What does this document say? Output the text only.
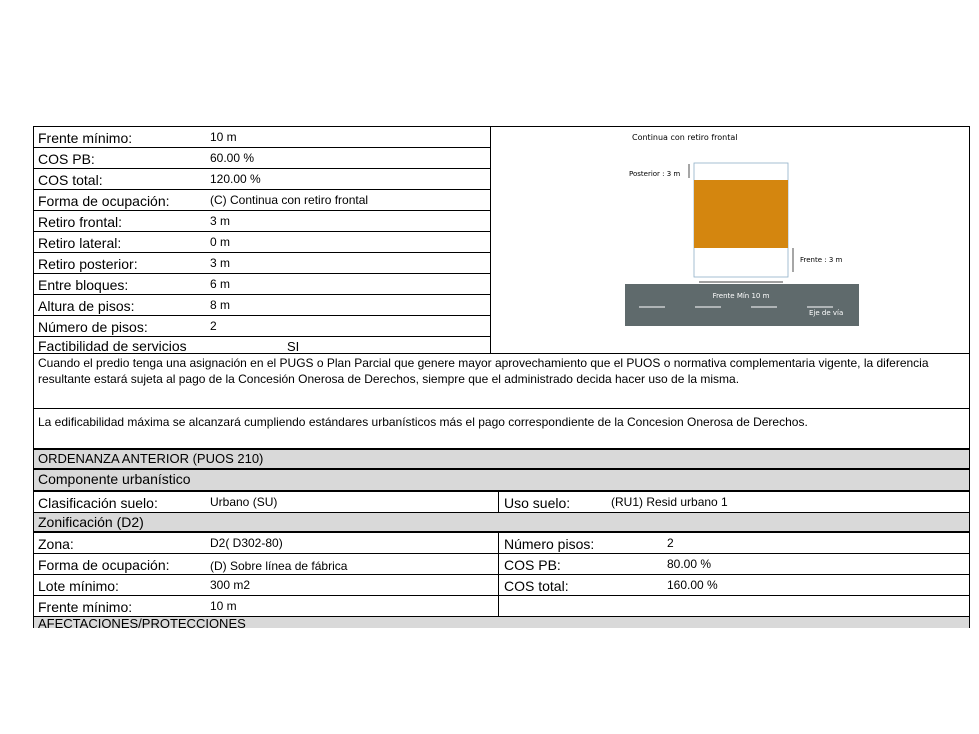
Frente mínimo:	10 m
COS PB:	60.00 %
COS total:	120.00 %
Forma de ocupación:	(C) Continua con retiro frontal
Retiro frontal:	3 m
Retiro lateral:	0 m
Retiro posterior:	3 m
Entre bloques:	6 m
Altura de pisos:	8 m
Número de pisos:	2
Factibilidad de servicios	SI
Continua con retiro frontal
Posterior : 3 m
Frente : 3 m
Frente Mín 10 m
Eje de vía
Cuando el predio tenga una asignación en el PUGS o Plan Parcial que genere mayor aprovechamiento que el PUOS o normativa complementaria vigente, la diferencia resultante estará sujeta al pago de la Concesión Onerosa de Derechos, siempre que el administrado decida hacer uso de la misma.
La edificabilidad máxima se alcanzará cumpliendo estándares urbanísticos más el pago correspondiente de la Concesion Onerosa de Derechos.
ORDENANZA ANTERIOR (PUOS 210)
Componente urbanístico
Clasificación suelo:	Urbano (SU)	Uso suelo:	(RU1) Resid urbano 1
Zonificación (D2)
Zona:	D2( D302-80)	Número pisos:	2
Forma de ocupación:	(D) Sobre línea de fábrica	COS PB:	80.00 %
Lote mínimo:	300 m2	COS total:	160.00 %
Frente mínimo:	10 m
AFECTACIONES/PROTECCIONES
